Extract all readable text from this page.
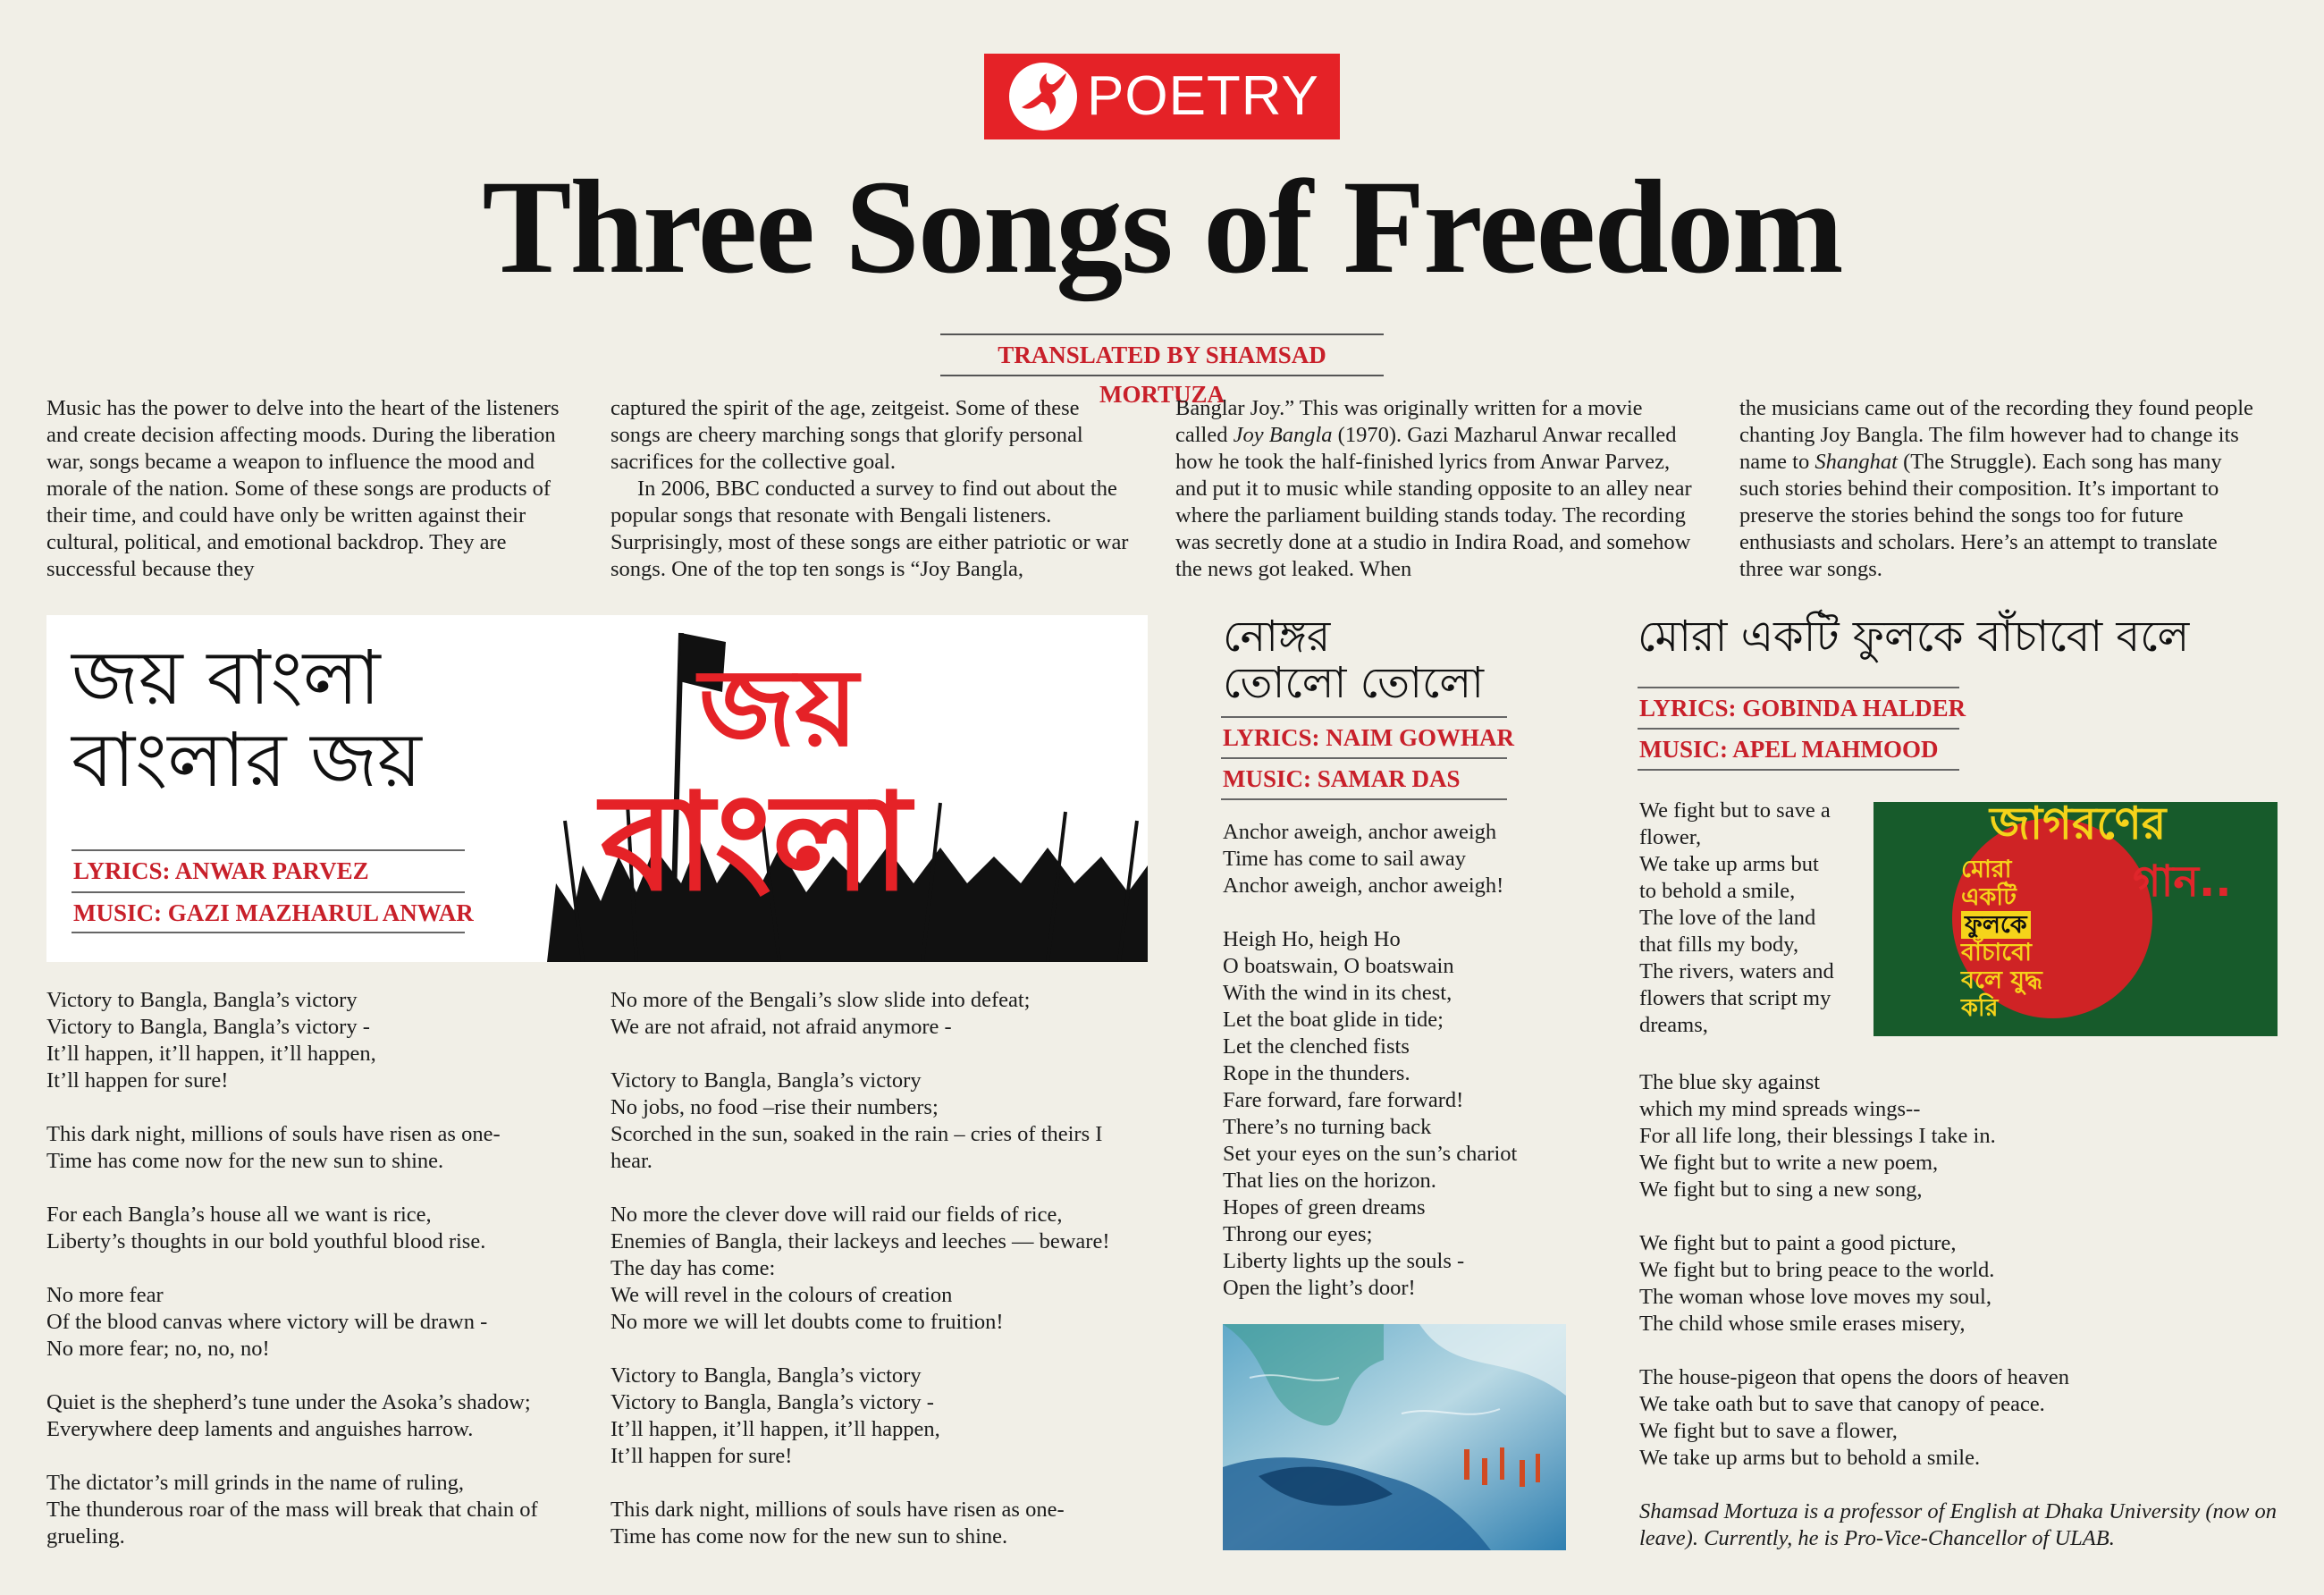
POETRY
Three Songs of Freedom
TRANSLATED BY SHAMSAD MORTUZA

Music has the power to delve into the heart of the listeners and create decision affecting moods. During the liberation war, songs became a weapon to influence the mood and morale of the nation. Some of these songs are products of their time, and could have only be written against their cultural, political, and emotional backdrop. They are successful because they

captured the spirit of the age, zeitgeist. Some of these songs are cheery marching songs that glorify personal sacrifices for the collective goal.

In 2006, BBC conducted a survey to find out about the popular songs that resonate with Bengali listeners. Surprisingly, most of these songs are either patriotic or war songs. One of the top ten songs is “Joy Bangla,

Banglar Joy.” This was originally written for a movie called Joy Bangla (1970). Gazi Mazharul Anwar recalled how he took the half-finished lyrics from Anwar Parvez, and put it to music while standing opposite to an alley near where the parliament building stands today. The recording was secretly done at a studio in Indira Road, and somehow the news got leaked. When

the musicians came out of the recording they found people chanting Joy Bangla. The film however had to change its name to Shanghat (The Struggle). Each song has many such stories behind their composition. It’s important to preserve the stories behind the songs too for future enthusiasts and scholars. Here’s an attempt to translate three war songs.

জয় বাংলা
বাংলার জয়
LYRICS: ANWAR PARVEZ
MUSIC: GAZI MAZHARUL ANWAR
জয়
বাংলা

Victory to Bangla, Bangla’s victory
Victory to Bangla, Bangla’s victory -
It’ll happen, it’ll happen, it’ll happen,
It’ll happen for sure!

This dark night, millions of souls have risen as one-
Time has come now for the new sun to shine.

For each Bangla’s house all we want is rice,
Liberty’s thoughts in our bold youthful blood rise.

No more fear
Of the blood canvas where victory will be drawn -
No more fear; no, no, no!

Quiet is the shepherd’s tune under the Asoka’s shadow;
Everywhere deep laments and anguishes harrow.

The dictator’s mill grinds in the name of ruling,
The thunderous roar of the mass will break that chain of grueling.

No more of the Bengali’s slow slide into defeat;
We are not afraid, not afraid anymore -

Victory to Bangla, Bangla’s victory
No jobs, no food –rise their numbers;
Scorched in the sun, soaked in the rain – cries of theirs I hear.

No more the clever dove will raid our fields of rice,
Enemies of Bangla, their lackeys and leeches — beware!
The day has come:
We will revel in the colours of creation
No more we will let doubts come to fruition!

Victory to Bangla, Bangla’s victory
Victory to Bangla, Bangla’s victory -
It’ll happen, it’ll happen, it’ll happen,
It’ll happen for sure!

This dark night, millions of souls have risen as one-
Time has come now for the new sun to shine.

নোঙ্গর
তোলো তোলো
LYRICS: NAIM GOWHAR
MUSIC: SAMAR DAS

Anchor aweigh, anchor aweigh
Time has come to sail away
Anchor aweigh, anchor aweigh!

Heigh Ho, heigh Ho
O boatswain, O boatswain
With the wind in its chest,
Let the boat glide in tide;
Let the clenched fists
Rope in the thunders.
Fare forward, fare forward!
There’s no turning back
Set your eyes on the sun’s chariot
That lies on the horizon.
Hopes of green dreams
Throng our eyes;
Liberty lights up the souls -
Open the light’s door!

মোরা একটি ফুলকে বাঁচাবো বলে
LYRICS: GOBINDA HALDER
MUSIC: APEL MAHMOOD

We fight but to save a
flower,
We take up arms but
to behold a smile,
The love of the land
that fills my body,
The rivers, waters and
flowers that script my
dreams,

জাগরণের
গান..
মোরা
একটি
ফুলকে
বাঁচাবো
বলে যুদ্ধ
করি

The blue sky against
which my mind spreads wings--
For all life long, their blessings I take in.
We fight but to write a new poem,
We fight but to sing a new song,

We fight but to paint a good picture,
We fight but to bring peace to the world.
The woman whose love moves my soul,
The child whose smile erases misery,

The house-pigeon that opens the doors of heaven
We take oath but to save that canopy of peace.
We fight but to save a flower,
We take up arms but to behold a smile.

Shamsad Mortuza is a professor of English at Dhaka University (now on leave). Currently, he is Pro-Vice-Chancellor of ULAB.
